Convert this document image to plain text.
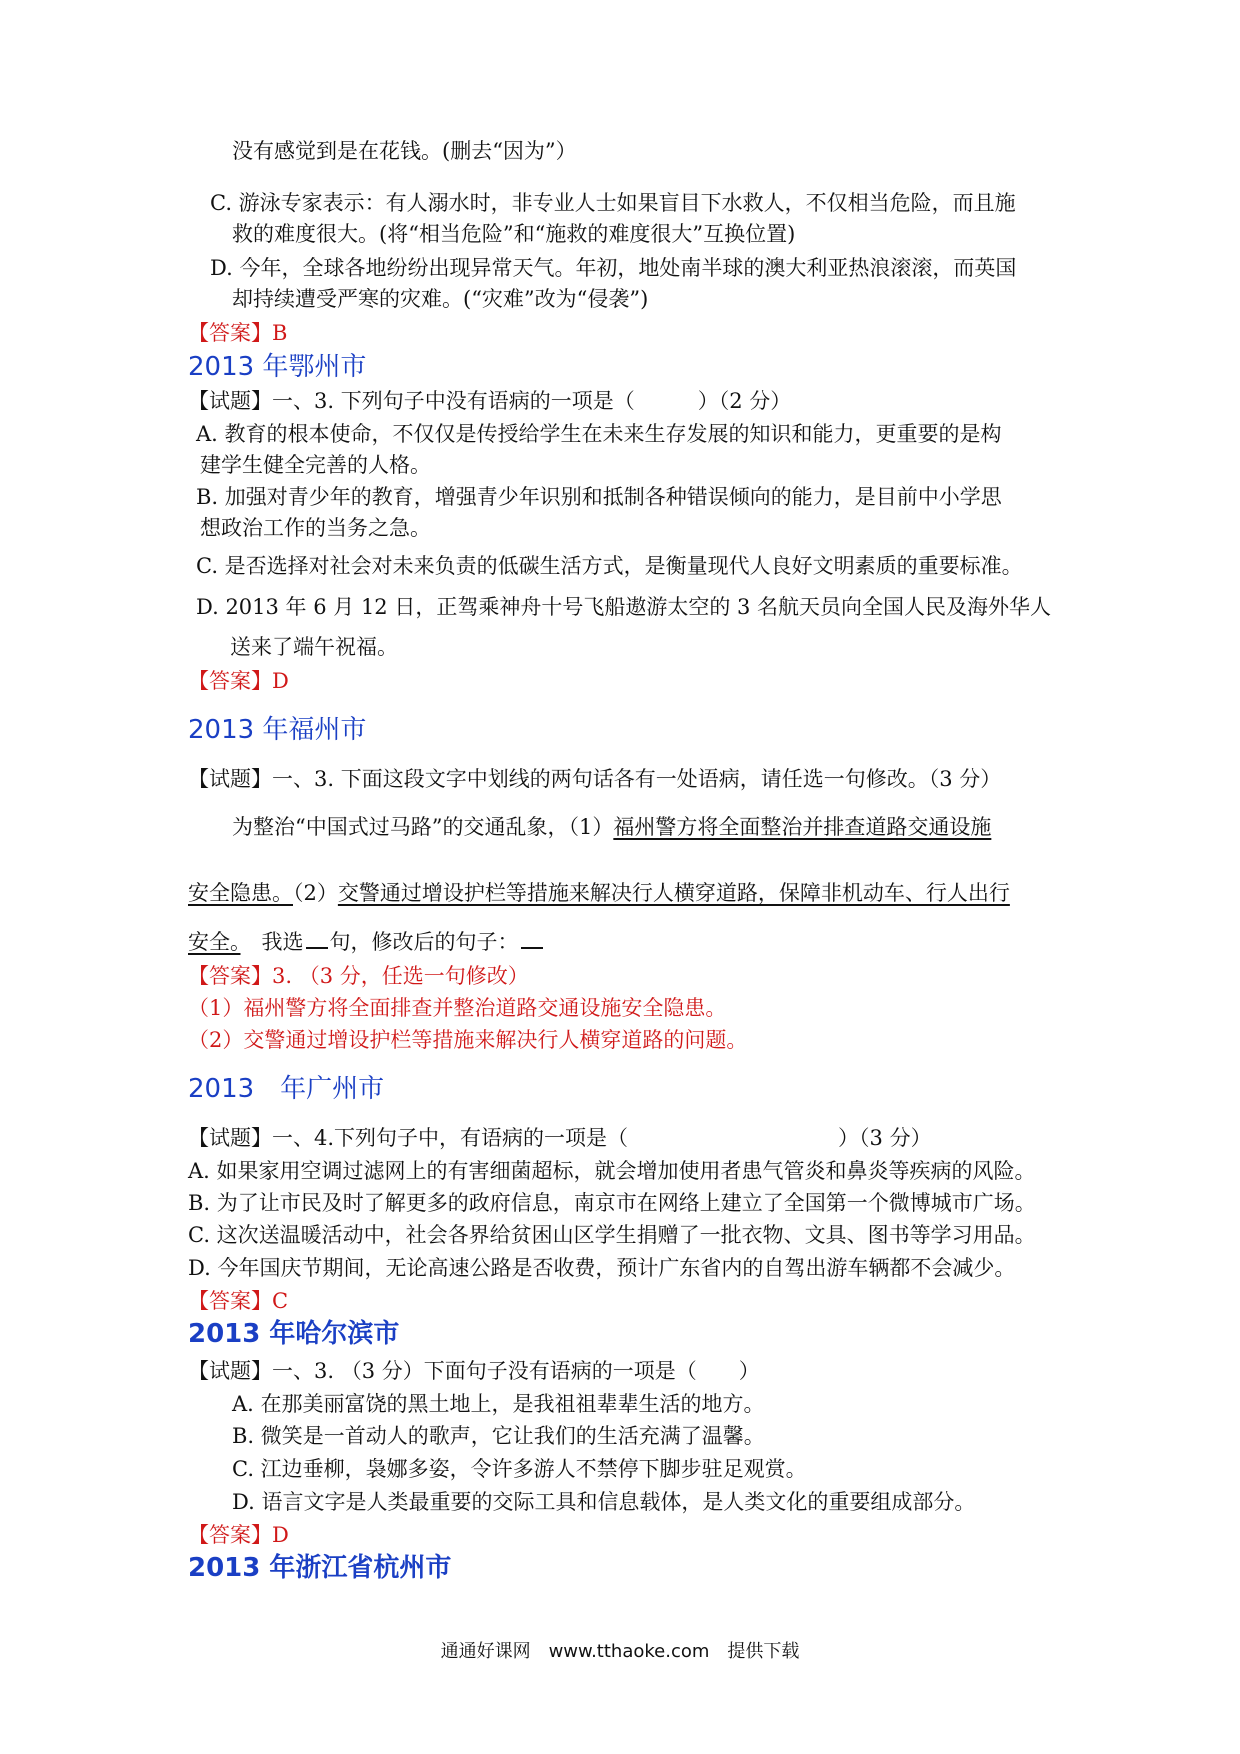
没有感觉到是在花钱。(删去“因为”）
C. 游泳专家表示：有人溺水时，非专业人士如果盲目下水救人，不仅相当危险，而且施
救的难度很大。(将“相当危险”和“施救的难度很大”互换位置)
D. 今年，全球各地纷纷出现异常天气。年初，地处南半球的澳大利亚热浪滚滚，而英国
却持续遭受严寒的灾难。(“灾难”改为“侵袭”)
【答案】B
2013 年鄂州市
【试题】一、3. 下列句子中没有语病的一项是（　　　）（2 分）
A. 教育的根本使命，不仅仅是传授给学生在未来生存发展的知识和能力，更重要的是构
建学生健全完善的人格。
B. 加强对青少年的教育，增强青少年识别和抵制各种错误倾向的能力，是目前中小学思
想政治工作的当务之急。
C. 是否选择对社会对未来负责的低碳生活方式，是衡量现代人良好文明素质的重要标准。
D. 2013 年 6 月 12 日，正驾乘神舟十号飞船遨游太空的 3 名航天员向全国人民及海外华人
送来了端午祝福。
【答案】D
2013 年福州市
【试题】一、3. 下面这段文字中划线的两句话各有一处语病，请任选一句修改。（3 分）
为整治“中国式过马路”的交通乱象，（1）福州警方将全面整治并排查道路交通设施
安全隐患。（2）交警通过增设护栏等措施来解决行人横穿道路，保障非机动车、行人出行
安全。　我选 句，修改后的句子：
【答案】3. （3 分，任选一句修改）
（1）福州警方将全面排查并整治道路交通设施安全隐患。
（2）交警通过增设护栏等措施来解决行人横穿道路的问题。
2013　年广州市
【试题】一、4.下列句子中，有语病的一项是（　　　　　　　　　　）（3 分）
A. 如果家用空调过滤网上的有害细菌超标，就会增加使用者患气管炎和鼻炎等疾病的风险。
B. 为了让市民及时了解更多的政府信息，南京市在网络上建立了全国第一个微博城市广场。
C. 这次送温暖活动中，社会各界给贫困山区学生捐赠了一批衣物、文具、图书等学习用品。
D. 今年国庆节期间，无论高速公路是否收费，预计广东省内的自驾出游车辆都不会减少。
【答案】C
2013 年哈尔滨市
【试题】一、3. （3 分）下面句子没有语病的一项是（　　）
A. 在那美丽富饶的黑土地上，是我祖祖辈辈生活的地方。
B. 微笑是一首动人的歌声，它让我们的生活充满了温馨。
C. 江边垂柳，袅娜多姿，令许多游人不禁停下脚步驻足观赏。
D. 语言文字是人类最重要的交际工具和信息载体，是人类文化的重要组成部分。
【答案】D
2013 年浙江省杭州市
通通好课网　www.tthaoke.com　提供下载
